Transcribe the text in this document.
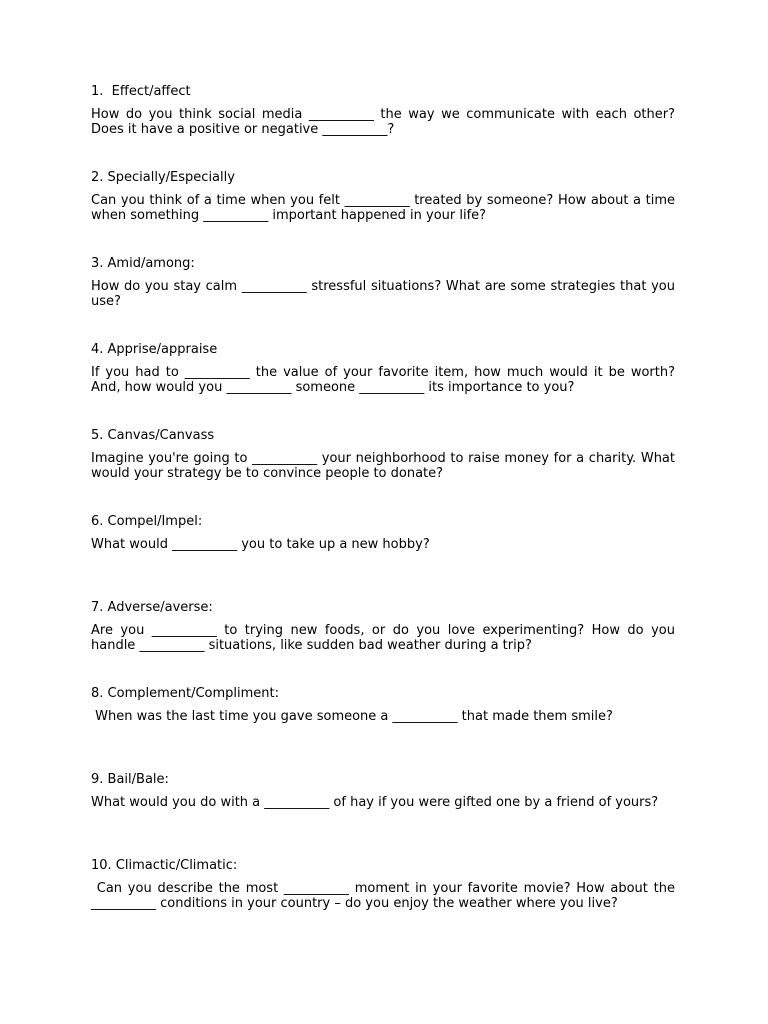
1.  Effect/affect

How do you think social media __________ the way we communicate with each other? Does it have a positive or negative __________?

2. Specially/Especially

Can you think of a time when you felt __________ treated by someone? How about a time when something __________ important happened in your life?

3. Amid/among:

How do you stay calm __________ stressful situations? What are some strategies that you use?

4. Apprise/appraise

If you had to __________ the value of your favorite item, how much would it be worth? And, how would you __________ someone __________ its importance to you?

5. Canvas/Canvass

Imagine you're going to __________ your neighborhood to raise money for a charity. What would your strategy be to convince people to donate?

6. Compel/Impel:

What would __________ you to take up a new hobby?

7. Adverse/averse:

Are you __________ to trying new foods, or do you love experimenting? How do you handle __________ situations, like sudden bad weather during a trip?

8. Complement/Compliment:

When was the last time you gave someone a __________ that made them smile?

9. Bail/Bale:

What would you do with a __________ of hay if you were gifted one by a friend of yours?

10. Climactic/Climatic:

Can you describe the most __________ moment in your favorite movie? How about the __________ conditions in your country – do you enjoy the weather where you live?
